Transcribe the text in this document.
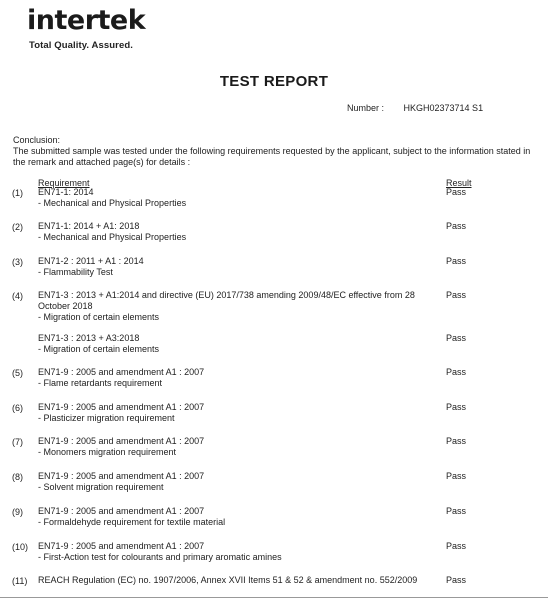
intertek
Total Quality. Assured.
TEST REPORT
Number : HKGH02373714 S1
Conclusion:
The submitted sample was tested under the following requirements requested by the applicant, subject to the information stated in the remark and attached page(s) for details :
Requirement	Result
(1) EN71-1: 2014
- Mechanical and Physical Properties
Pass
(2) EN71-1: 2014 + A1: 2018
- Mechanical and Physical Properties
Pass
(3) EN71-2 : 2011 + A1 : 2014
- Flammability Test
Pass
(4) EN71-3 : 2013 + A1:2014 and directive (EU) 2017/738 amending 2009/48/EC effective from 28 October 2018
- Migration of certain elements
Pass
EN71-3 : 2013 + A3:2018
- Migration of certain elements
Pass
(5) EN71-9 : 2005 and amendment A1 : 2007
- Flame retardants requirement
Pass
(6) EN71-9 : 2005 and amendment A1 : 2007
- Plasticizer migration requirement
Pass
(7) EN71-9 : 2005 and amendment A1 : 2007
- Monomers migration requirement
Pass
(8) EN71-9 : 2005 and amendment A1 : 2007
- Solvent migration requirement
Pass
(9) EN71-9 : 2005 and amendment A1 : 2007
- Formaldehyde requirement for textile material
Pass
(10) EN71-9 : 2005 and amendment A1 : 2007
- First-Action test for colourants and primary aromatic amines
Pass
(11) REACH Regulation (EC) no. 1907/2006, Annex XVII Items 51 & 52 & amendment no. 552/2009	Pass
